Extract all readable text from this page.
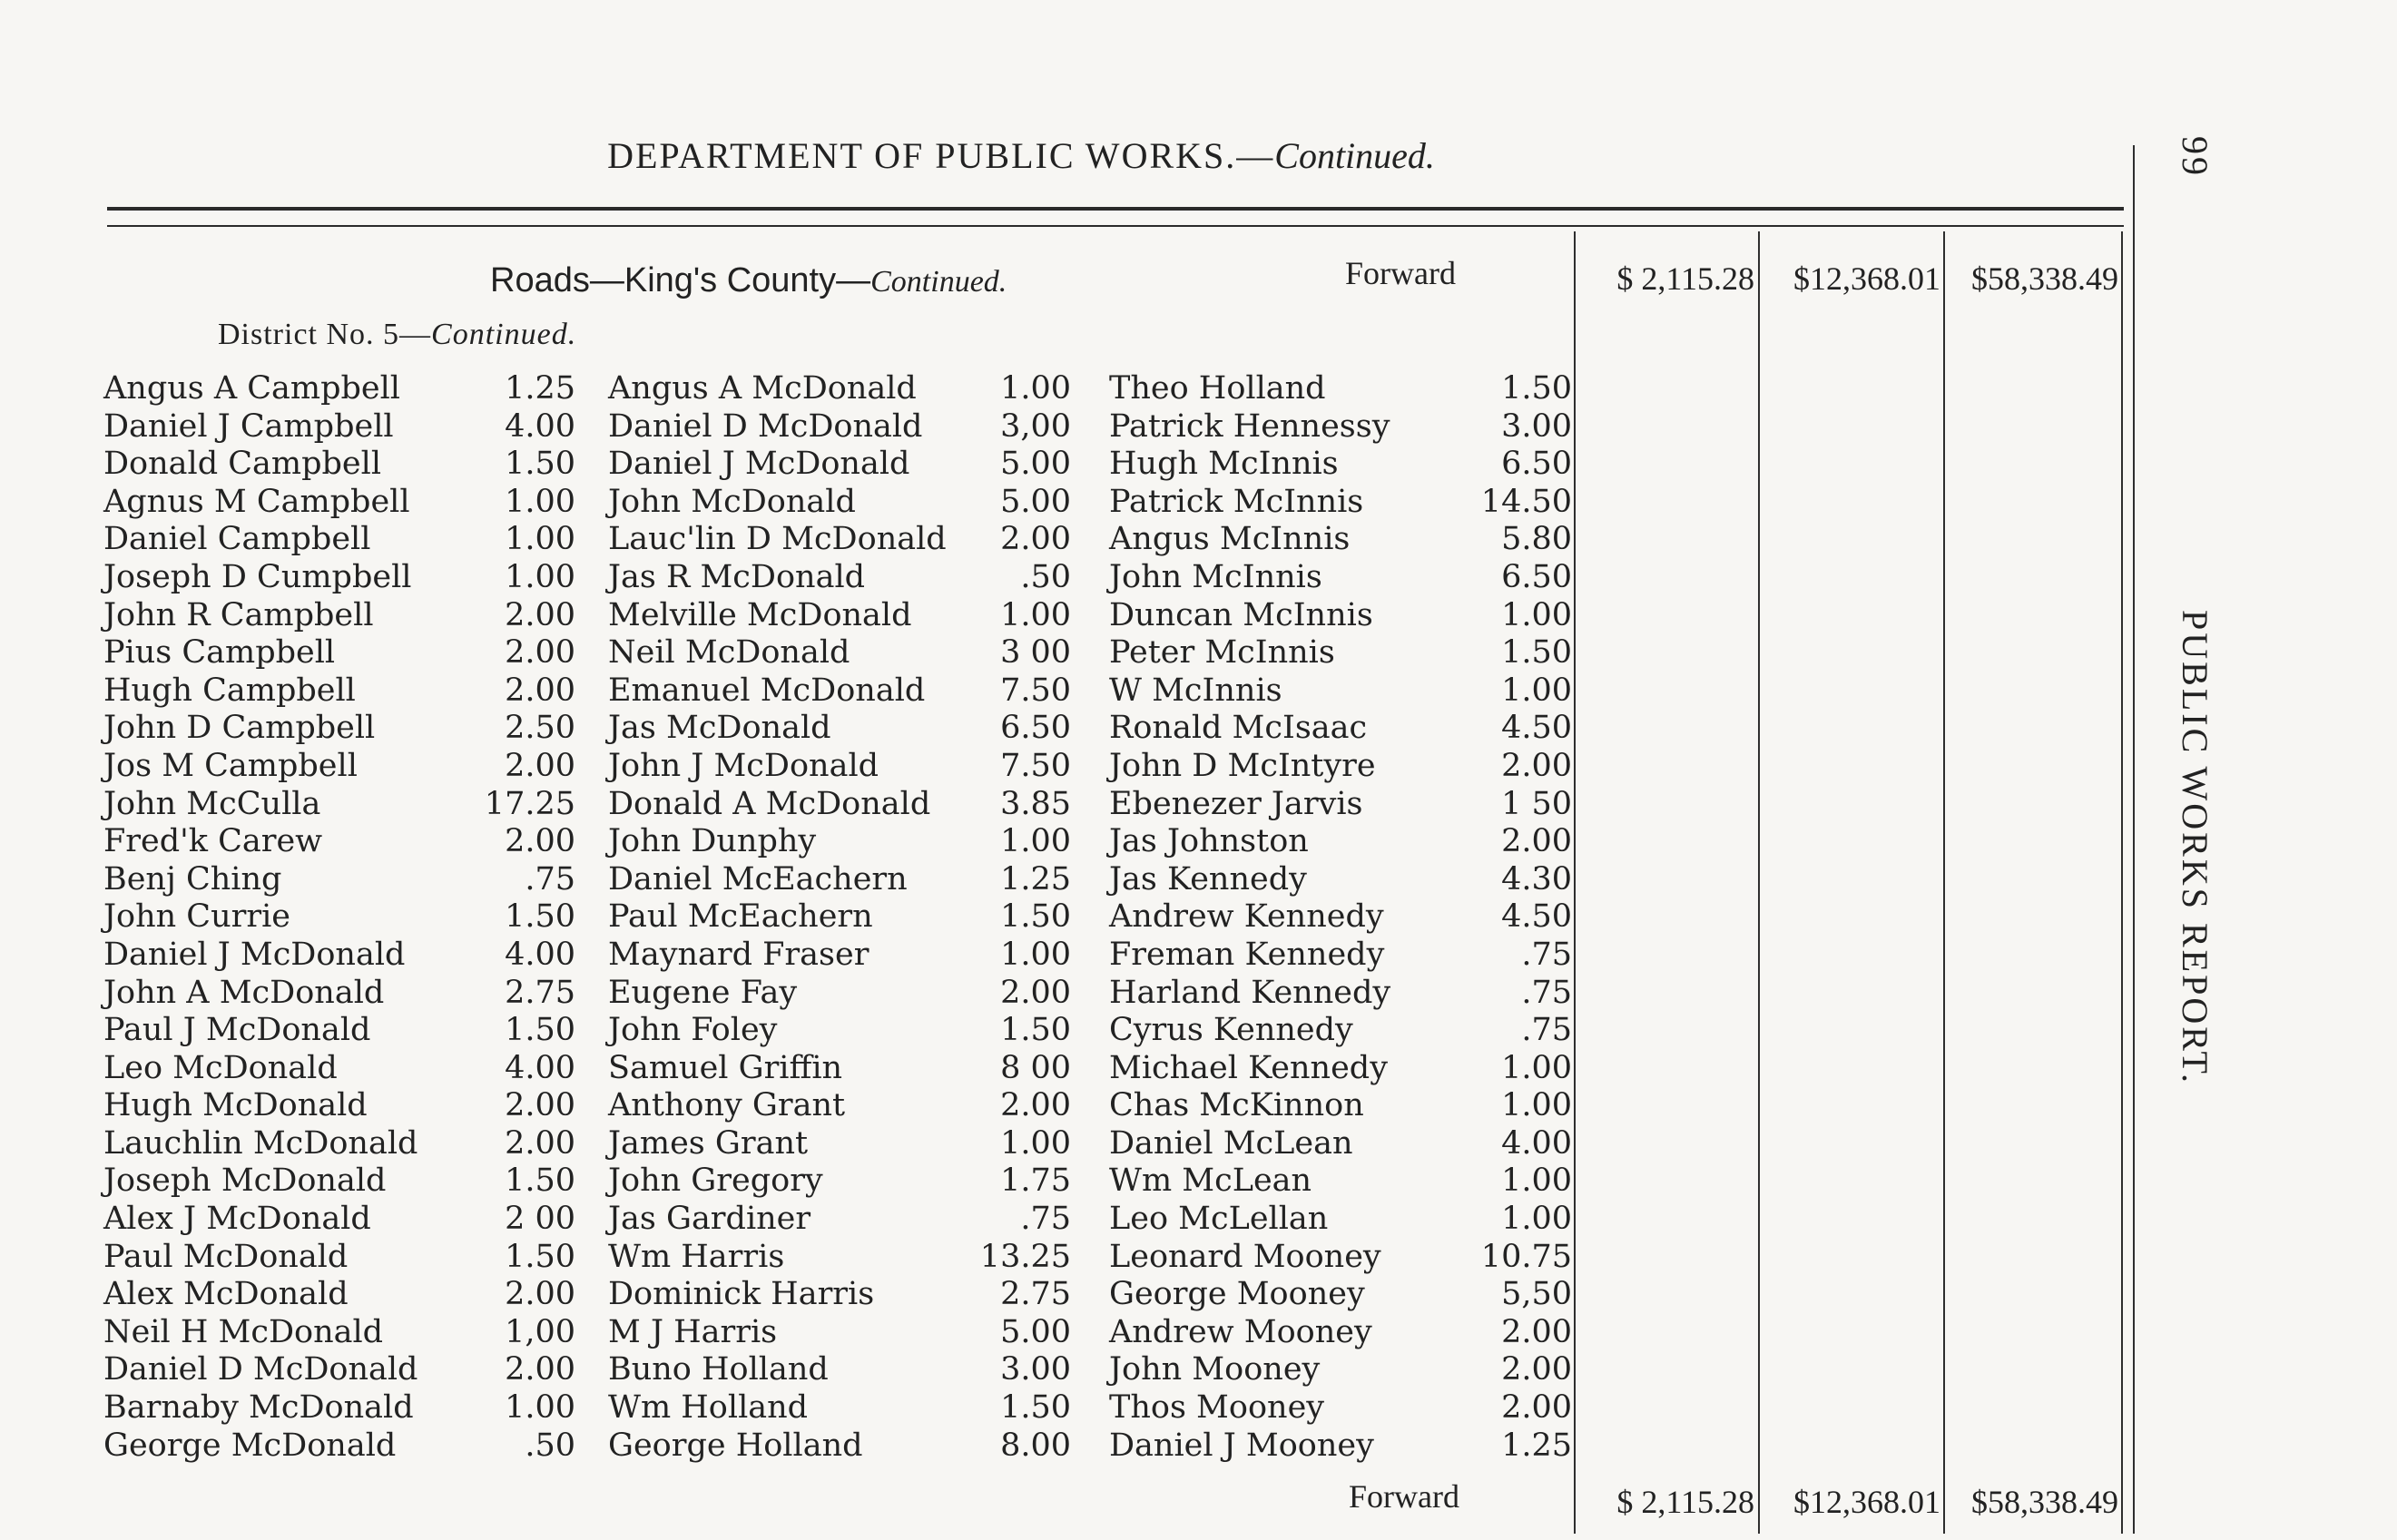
DEPARTMENT OF PUBLIC WORKS.—Continued.	99
PUBLIC WORKS REPORT.
Roads—King's County—Continued.
District No. 5—Continued.
Forward	$ 2,115.28	$12,368.01 $58,338.49
Angus A Campbell	1.25
Daniel J Campbell	4.00
Donald Campbell	1.50
Agnus M Campbell	1.00
Daniel Campbell	1.00
Joseph D Cumpbell	1.00
John R Campbell	2.00
Pius Campbell	2.00
Hugh Campbell	2.00
John D Campbell	2.50
Jos M Campbell	2.00
John McCulla	17.25
Fred'k Carew	2.00
Benj Ching	.75
John Currie	1.50
Daniel J McDonald	4.00
John A McDonald	2.75
Paul J McDonald	1.50
Leo McDonald	4.00
Hugh McDonald	2.00
Lauchlin McDonald	2.00
Joseph McDonald	1.50
Alex J McDonald	2 00
Paul McDonald	1.50
Alex McDonald	2.00
Neil H McDonald	1,00
Daniel D McDonald	2.00
Barnaby McDonald	1.00
George McDonald	.50
Angus A McDonald	1.00
Daniel D McDonald 3,00
Daniel J McDonald	5.00
John McDonald	5.00
Lauc'lin D McDonald 2.00
Jas R McDonald	.50
Melville McDonald	1.00
Neil McDonald	3 00
Emanuel McDonald 7.50
Jas McDonald	6.50
John J McDonald	7.50
Donald A McDonald 3.85
John Dunphy	1.00
Daniel McEachern	1.25
Paul McEachern	1.50
Maynard Fraser	1.00
Eugene Fay	2.00
John Foley	1.50
Samuel Griffin	8 00
Anthony Grant	2.00
James Grant	1.00
John Gregory	1.75
Jas Gardiner	.75
Wm Harris	13.25
Dominick Harris	2.75
M J Harris	5.00
Buno Holland	3.00
Wm Holland	1.50
George Holland	8.00
Theo Holland	1.50
Patrick Hennessy	3.00
Hugh McInnis	6.50
Patrick McInnis	14.50
Angus McInnis	5.80
John McInnis	6.50
Duncan McInnis	1.00
Peter McInnis	1.50
W McInnis	1.00
Ronald McIsaac	4.50
John D McIntyre	2.00
Ebenezer Jarvis	1 50
Jas Johnston	2.00
Jas Kennedy	4.30
Andrew Kennedy	4.50
Freman Kennedy	.75
Harland Kennedy	.75
Cyrus Kennedy	.75
Michael Kennedy	1.00
Chas McKinnon	1.00
Daniel McLean	4.00
Wm McLean	1.00
Leo McLellan	1.00
Leonard Mooney	10.75
George Mooney	5,50
Andrew Mooney	2.00
John Mooney	2.00
Thos Mooney	2.00
Daniel J Mooney	1.25
Forward	$ 2,115.28	$12,368.01 $58,338.49
